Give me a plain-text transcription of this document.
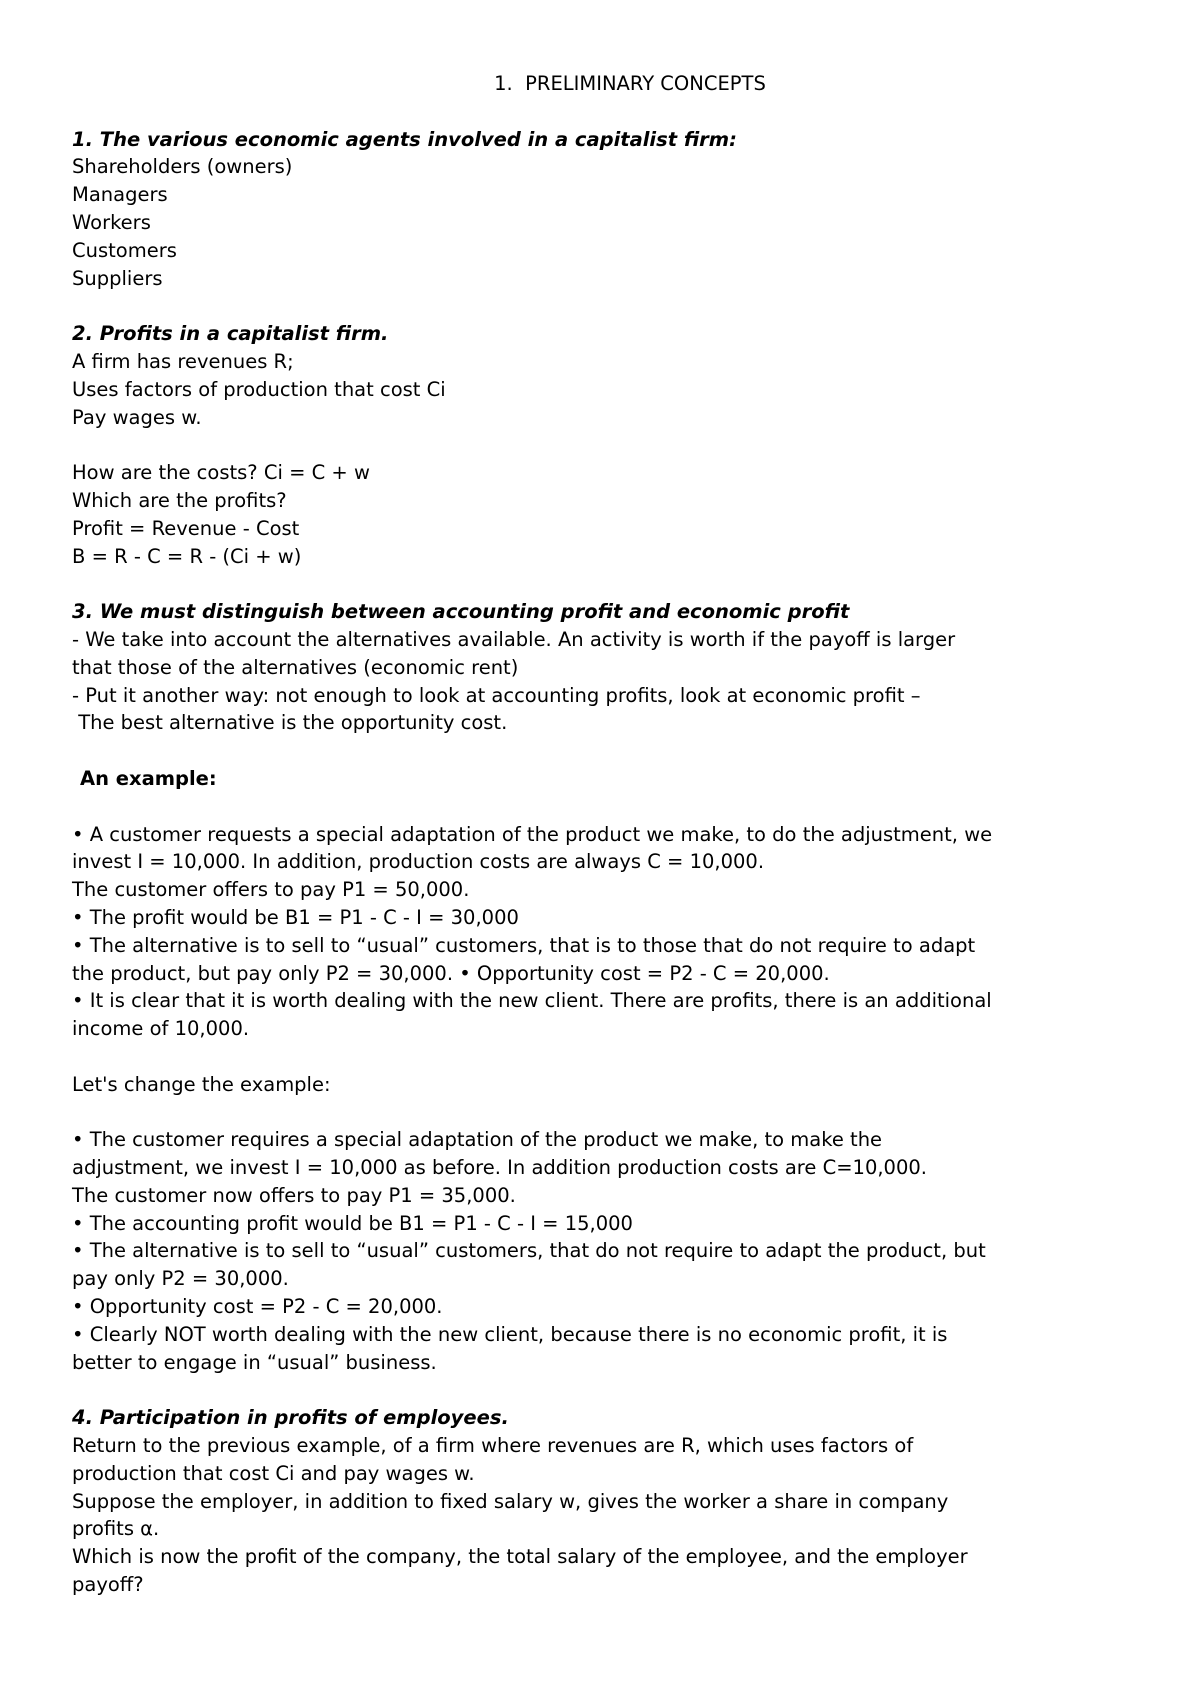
1.  PRELIMINARY CONCEPTS
1. The various economic agents involved in a capitalist firm:
Shareholders (owners)
Managers
Workers
Customers
Suppliers
2. Profits in a capitalist firm.
A firm has revenues R;
Uses factors of production that cost Ci
Pay wages w.
How are the costs? Ci = C + w
Which are the profits?
Profit = Revenue - Cost
B = R - C = R - (Ci + w)
3. We must distinguish between accounting profit and economic profit
- We take into account the alternatives available. An activity is worth if the payoff is larger
that those of the alternatives (economic rent)
- Put it another way: not enough to look at accounting profits, look at economic profit –
The best alternative is the opportunity cost.
An example:
• A customer requests a special adaptation of the product we make, to do the adjustment, we
invest I = 10,000. In addition, production costs are always C = 10,000.
The customer offers to pay P1 = 50,000.
• The profit would be B1 = P1 - C - I = 30,000
• The alternative is to sell to “usual” customers, that is to those that do not require to adapt
the product, but pay only P2 = 30,000. • Opportunity cost = P2 - C = 20,000.
• It is clear that it is worth dealing with the new client. There are profits, there is an additional
income of 10,000.
Let's change the example:
• The customer requires a special adaptation of the product we make, to make the
adjustment, we invest I = 10,000 as before. In addition production costs are C=10,000.
The customer now offers to pay P1 = 35,000.
• The accounting profit would be B1 = P1 - C - I = 15,000
• The alternative is to sell to “usual” customers, that do not require to adapt the product, but
pay only P2 = 30,000.
• Opportunity cost = P2 - C = 20,000.
• Clearly NOT worth dealing with the new client, because there is no economic profit, it is
better to engage in “usual” business.
4. Participation in profits of employees.
Return to the previous example, of a firm where revenues are R, which uses factors of
production that cost Ci and pay wages w.
Suppose the employer, in addition to fixed salary w, gives the worker a share in company
profits α.
Which is now the profit of the company, the total salary of the employee, and the employer
payoff?
